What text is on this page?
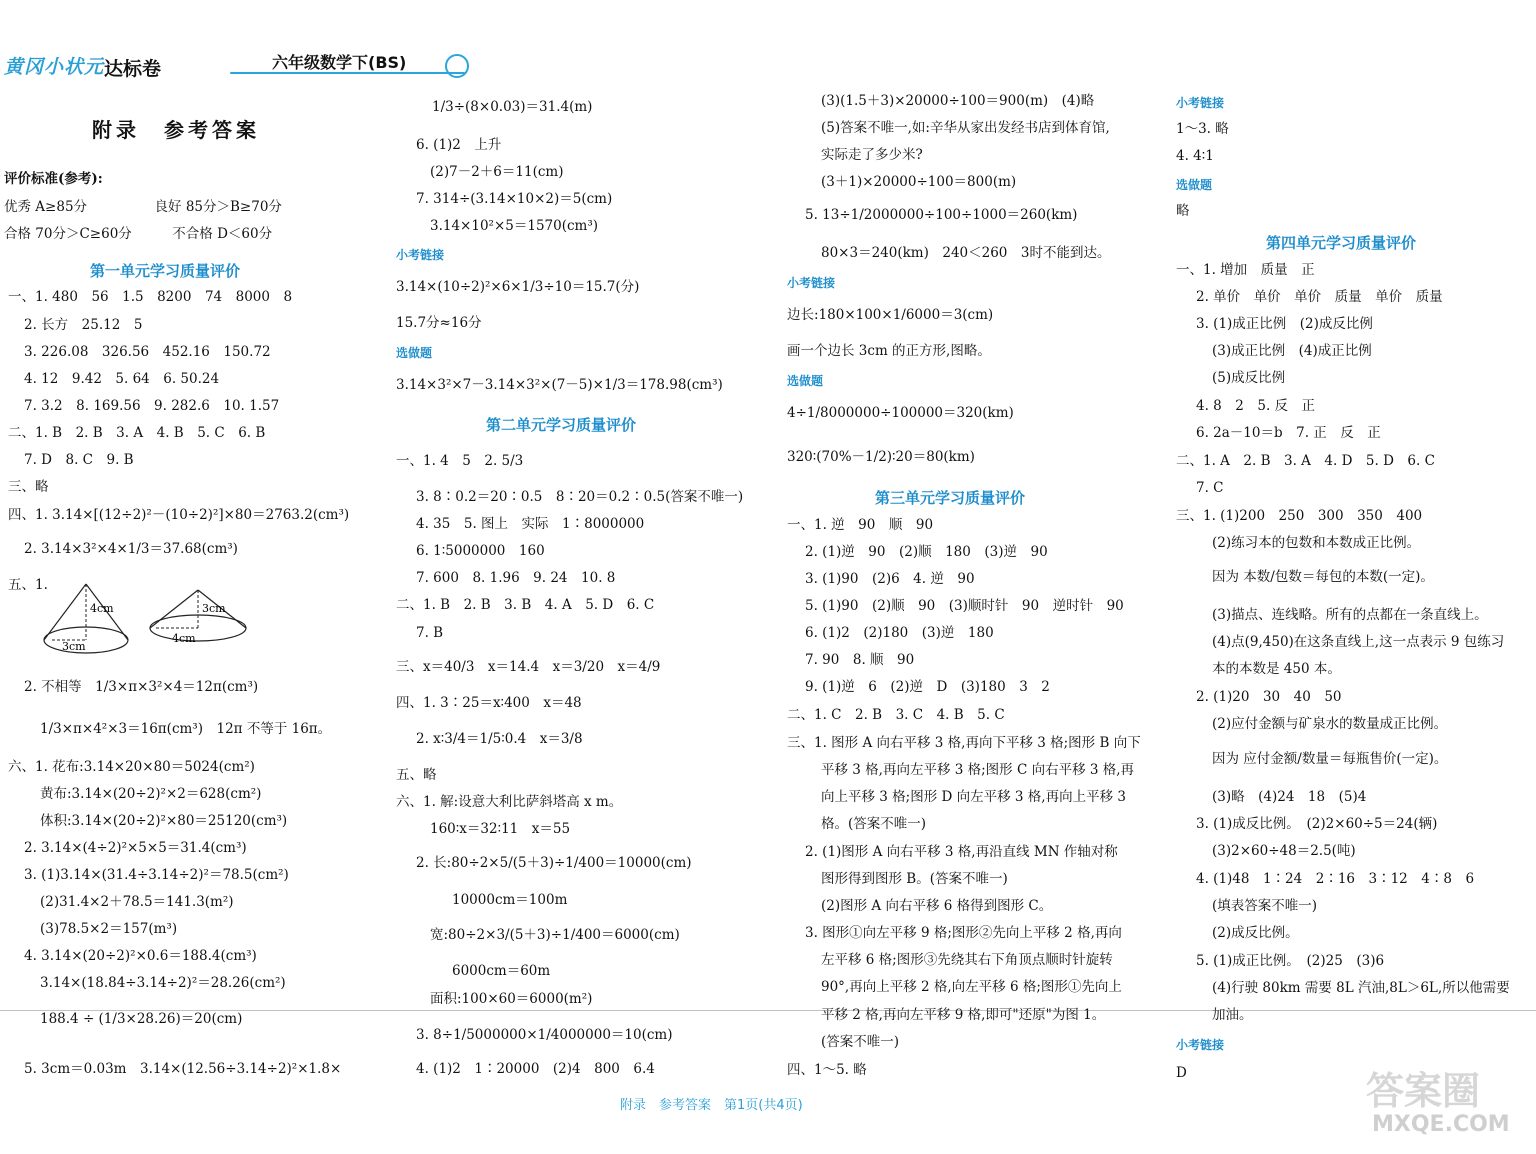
黄冈小状元 达标卷	六年级数学下(BS)
附录　参考答案
评价标准(参考):
优秀 A≥85分　　　　　良好 85分＞B≥70分
合格 70分＞C≥60分　　　不合格 D＜60分
第一单元学习质量评价
一、1. 480　56　1.5　8200　74　8000　8
2. 长方　25.12　5
3. 226.08　326.56　452.16　150.72
4. 12　9.42　5. 64　6. 50.24
7. 3.2　8. 169.56　9. 282.6　10. 1.57
二、1. B　2. B　3. A　4. B　5. C　6. B
7. D　8. C　9. B
三、略
四、1. 3.14×[(12÷2)²－(10÷2)²]×80＝2763.2(cm³)
2. 3.14×3²×4×1/3＝37.68(cm³)
五、1.
4cm
3cm
3cm
4cm
2. 不相等　1/3×π×3²×4＝12π(cm³)
1/3×π×4²×3＝16π(cm³)　12π 不等于 16π。
六、1. 花布:3.14×20×80＝5024(cm²)
黄布:3.14×(20÷2)²×2＝628(cm²)
体积:3.14×(20÷2)²×80＝25120(cm³)
2. 3.14×(4÷2)²×5×5＝31.4(cm³)
3. (1)3.14×(31.4÷3.14÷2)²＝78.5(cm²)
(2)31.4×2＋78.5＝141.3(m²)
(3)78.5×2＝157(m³)
4. 3.14×(20÷2)²×0.6＝188.4(cm³)
3.14×(18.84÷3.14÷2)²＝28.26(cm²)
188.4 ÷ (1/3×28.26)＝20(cm)
5. 3cm＝0.03m　3.14×(12.56÷3.14÷2)²×1.8×
1/3÷(8×0.03)＝31.4(m)
6. (1)2　上升
(2)7－2＋6＝11(cm)
7. 314÷(3.14×10×2)＝5(cm)
3.14×10²×5＝1570(cm³)
小考链接
3.14×(10÷2)²×6×1/3÷10＝15.7(分)
15.7分≈16分
选做题
3.14×3²×7－3.14×3²×(7－5)×1/3＝178.98(cm³)
第二单元学习质量评价
一、1. 4　5　2. 5/3
3. 8∶0.2＝20∶0.5　8∶20＝0.2∶0.5(答案不唯一)
4. 35　5. 图上　实际　1∶8000000
6. 1∶5000000　160
7. 600　8. 1.96　9. 24　10. 8
二、1. B　2. B　3. B　4. A　5. D　6. C
7. B
三、x＝40/3　x＝14.4　x＝3/20　x＝4/9
四、1. 3∶25＝x∶400　x＝48
2. x∶3/4＝1/5∶0.4　x＝3/8
五、略
六、1. 解:设意大利比萨斜塔高 x m。
160∶x＝32∶11　x＝55
2. 长:80÷2×5/(5＋3)÷1/400＝10000(cm)
10000cm＝100m
宽:80÷2×3/(5＋3)÷1/400＝6000(cm)
6000cm＝60m
面积:100×60＝6000(m²)
3. 8÷1/5000000×1/4000000＝10(cm)
4. (1)2　1∶20000　(2)4　800　6.4
(3)(1.5＋3)×20000÷100＝900(m)　(4)略
(5)答案不唯一,如:辛华从家出发经书店到体育馆,
实际走了多少米?
(3＋1)×20000÷100＝800(m)
5. 13÷1/2000000÷100÷1000＝260(km)
80×3＝240(km)　240＜260　3时不能到达。
小考链接
边长:180×100×1/6000＝3(cm)
画一个边长 3cm 的正方形,图略。
选做题
4÷1/8000000÷100000＝320(km)
320∶(70%－1/2)∶20＝80(km)
第三单元学习质量评价
一、1. 逆　90　顺　90
2. (1)逆　90　(2)顺　180　(3)逆　90
3. (1)90　(2)6　4. 逆　90
5. (1)90　(2)顺　90　(3)顺时针　90　逆时针　90
6. (1)2　(2)180　(3)逆　180
7. 90　8. 顺　90
9. (1)逆　6　(2)逆　D　(3)180　3　2
二、1. C　2. B　3. C　4. B　5. C
三、1. 图形 A 向右平移 3 格,再向下平移 3 格;图形 B 向下
平移 3 格,再向左平移 3 格;图形 C 向右平移 3 格,再
向上平移 3 格;图形 D 向左平移 3 格,再向上平移 3
格。(答案不唯一)
2. (1)图形 A 向右平移 3 格,再沿直线 MN 作轴对称
图形得到图形 B。(答案不唯一)
(2)图形 A 向右平移 6 格得到图形 C。
3. 图形①向左平移 9 格;图形②先向上平移 2 格,再向
左平移 6 格;图形③先绕其右下角顶点顺时针旋转
90°,再向上平移 2 格,向左平移 6 格;图形①先向上
平移 2 格,再向左平移 9 格,即可"还原"为图 1。
(答案不唯一)
四、1～5. 略
小考链接
1～3. 略
4. 4∶1
选做题
略
第四单元学习质量评价
一、1. 增加　质量　正
2. 单价　单价　单价　质量　单价　质量
3. (1)成正比例　(2)成反比例
(3)成正比例　(4)成正比例
(5)成反比例
4. 8　2　5. 反　正
6. 2a－10＝b　7. 正　反　正
二、1. A　2. B　3. A　4. D　5. D　6. C
7. C
三、1. (1)200　250　300　350　400
(2)练习本的包数和本数成正比例。
因为 本数/包数＝每包的本数(一定)。
(3)描点、连线略。所有的点都在一条直线上。
(4)点(9,450)在这条直线上,这一点表示 9 包练习
本的本数是 450 本。
2. (1)20　30　40　50
(2)应付金额与矿泉水的数量成正比例。
因为 应付金额/数量＝每瓶售价(一定)。
(3)略　(4)24　18　(5)4
3. (1)成反比例。　(2)2×60÷5＝24(辆)
(3)2×60÷48＝2.5(吨)
4. (1)48　1∶24　2∶16　3∶12　4∶8　6
(填表答案不唯一)
(2)成反比例。
5. (1)成正比例。　(2)25　(3)6
(4)行驶 80km 需要 8L 汽油,8L＞6L,所以他需要
加油。
小考链接
D
附录　参考答案　第1页(共4页)	答案圈
MXQE.COM
